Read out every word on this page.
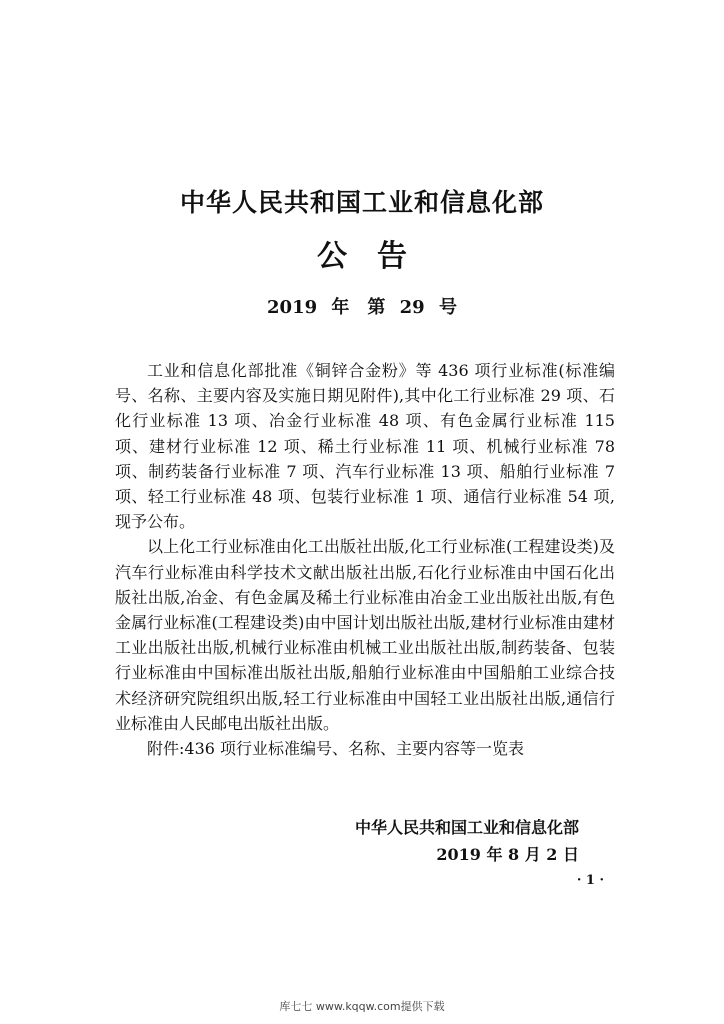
中华人民共和国工业和信息化部
公告
2019 年　第 29 号

工业和信息化部批准《铜锌合金粉》等 436 项行业标准(标准编号、名称、主要内容及实施日期见附件),其中化工行业标准 29 项、石化行业标准 13 项、冶金行业标准 48 项、有色金属行业标准 115 项、建材行业标准 12 项、稀土行业标准 11 项、机械行业标准 78 项、制药装备行业标准 7 项、汽车行业标准 13 项、船舶行业标准 7 项、轻工行业标准 48 项、包装行业标准 1 项、通信行业标准 54 项,现予公布。

以上化工行业标准由化工出版社出版,化工行业标准(工程建设类)及汽车行业标准由科学技术文献出版社出版,石化行业标准由中国石化出版社出版,冶金、有色金属及稀土行业标准由冶金工业出版社出版,有色金属行业标准(工程建设类)由中国计划出版社出版,建材行业标准由建材工业出版社出版,机械行业标准由机械工业出版社出版,制药装备、包装行业标准由中国标准出版社出版,船舶行业标准由中国船舶工业综合技术经济研究院组织出版,轻工行业标准由中国轻工业出版社出版,通信行业标准由人民邮电出版社出版。

附件:436 项行业标准编号、名称、主要内容等一览表

中华人民共和国工业和信息化部
2019 年 8 月 2 日
· 1 ·
库七七 www.kqqw.com提供下载
